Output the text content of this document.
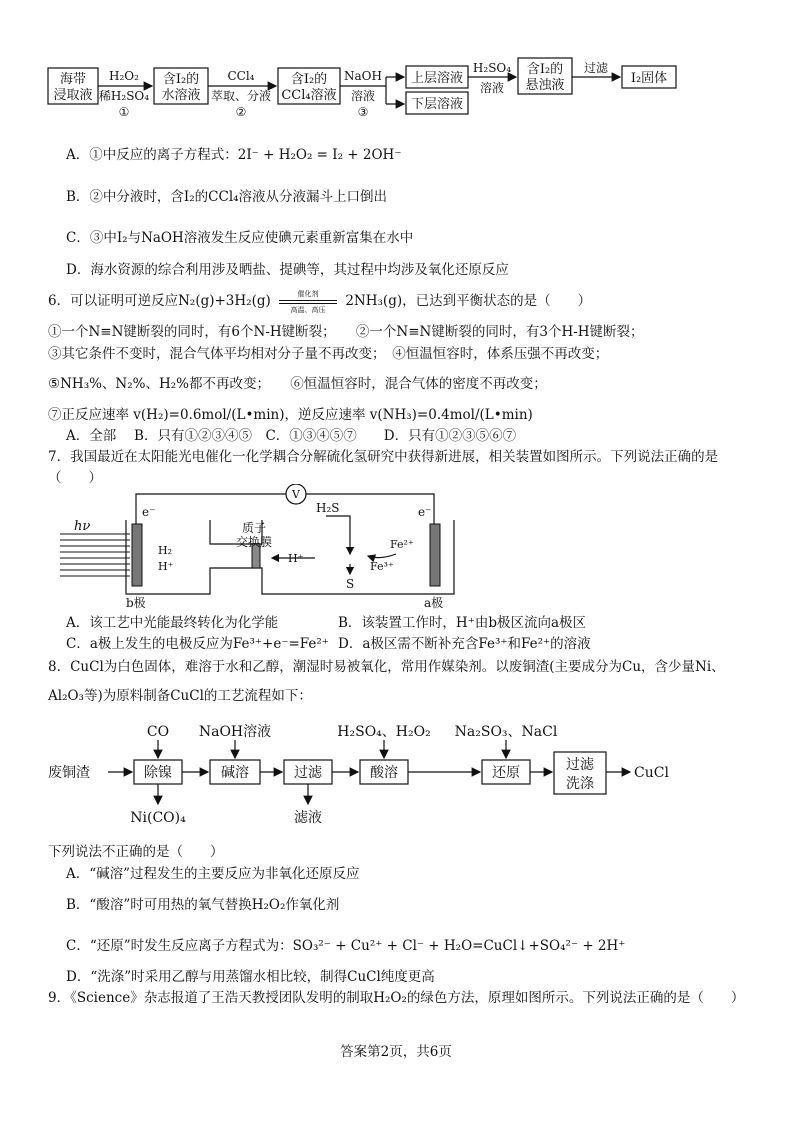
海带
浸取液
H₂O₂
稀H₂SO₄
①
含I₂的
水溶液
CCl₄
萃取、分液
②
含I₂的
CCl₄溶液
NaOH
溶液
③
上层溶液
下层溶液
H₂SO₄
溶液
含I₂的
悬浊液
过滤
I₂固体
A．①中反应的离子方程式：2I⁻ + H₂O₂ = I₂ + 2OH⁻
B．②中分液时，含I₂的CCl₄溶液从分液漏斗上口倒出
C．③中I₂与NaOH溶液发生反应使碘元素重新富集在水中
D．海水资源的综合利用涉及晒盐、提碘等，其过程中均涉及氧化还原反应
6．可以证明可逆反应N₂(g)+3H₂(g)	催化剂
高温、高压
2NH₃(g)，已达到平衡状态的是（　　）
①一个N≡N键断裂的同时，有6个N-H键断裂；　　②一个N≡N键断裂的同时，有3个H-H键断裂；
③其它条件不变时，混合气体平均相对分子量不再改变；　④恒温恒容时，体系压强不再改变；
⑤NH₃%、N₂%、H₂%都不再改变；　　⑥恒温恒容时，混合气体的密度不再改变；
⑦正反应速率 v(H₂)=0.6mol/(L•min)，逆反应速率 v(NH₃)=0.4mol/(L•min)
A．全部　 B．只有①②③④⑤　C．①③④⑤⑦　　D．只有①②③⑤⑥⑦
7．我国最近在太阳能光电催化一化学耦合分解硫化氢研究中获得新进展，相关装置如图所示。下列说法正确的是
（　　）
hν
V
e⁻	e⁻
H₂
H⁺
b极
质子
交换膜
H⁺
H₂S
S
Fe²⁺
Fe³⁺
a极
A．该工艺中光能最终转化为化学能	B．该装置工作时，H⁺由b极区流向a极区
C．a极上发生的电极反应为Fe³⁺+e⁻=Fe²⁺ D．a极区需不断补充含Fe³⁺和Fe²⁺的溶液
8．CuCl为白色固体，难溶于水和乙醇，潮湿时易被氧化，常用作媒染剂。以废铜渣(主要成分为Cu，含少量Ni、
Al₂O₃等)为原料制备CuCl的工艺流程如下：
CO NaOH溶液	H₂SO₄、H₂O₂ Na₂SO₃、NaCl
废铜渣	除镍	碱溶	过滤	酸溶	还原	过滤
洗涤
CuCl
Ni(CO)₄	滤液
下列说法不正确的是（　　）
A．“碱溶”过程发生的主要反应为非氧化还原反应
B．“酸溶”时可用热的氧气替换H₂O₂作氧化剂
C．“还原”时发生反应离子方程式为：SO₃²⁻ + Cu²⁺ + Cl⁻ + H₂O=CuCl↓+SO₄²⁻ + 2H⁺
D．“洗涤”时采用乙醇与用蒸馏水相比较，制得CuCl纯度更高
9．《Science》杂志报道了王浩天教授团队发明的制取H₂O₂的绿色方法，原理如图所示。下列说法正确的是（　　）
答案第2页，共6页
